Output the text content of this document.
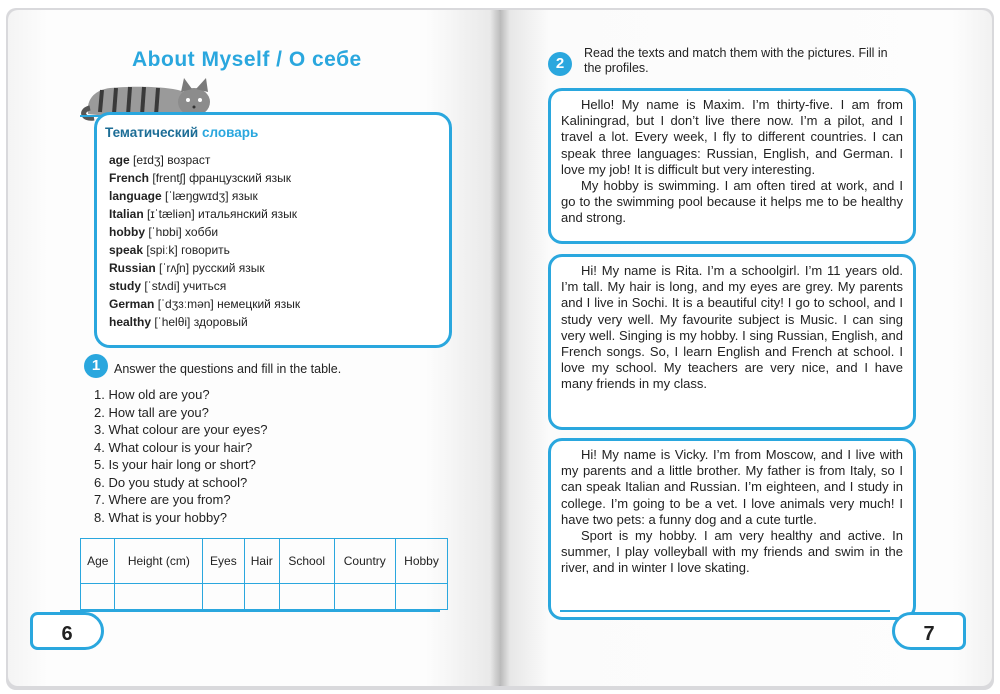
About Myself / О себе
Тематический словарь
age [eɪdʒ] возраст
French [frentʃ] французский язык
language [ˈlæŋɡwɪdʒ] язык
Italian [ɪˈtæliən] итальянский язык
hobby [ˈhɒbi] хобби
speak [spiːk] говорить
Russian [ˈrʌʃn] русский язык
study [ˈstʌdi] учиться
German [ˈdʒɜːmən] немецкий язык
healthy [ˈhelθi] здоровый
1	Answer the questions and fill in the table.
1. How old are you?
2. How tall are you?
3. What colour are your eyes?
4. What colour is your hair?
5. Is your hair long or short?
6. Do you study at school?
7. Where are you from?
8. What is your hobby?
Age	Height (cm)	Eyes	Hair	School	Country	Hobby

6
2
Read the texts and match them with the pictures. Fill in the profiles.

Hello! My name is Maxim. I’m thirty-five. I am from Kaliningrad, but I don’t live there now. I’m a pilot, and I travel a lot. Every week, I fly to different countries. I can speak three languages: Russian, English, and German. I love my job! It is difficult but very interesting.

My hobby is swimming. I am often tired at work, and I go to the swimming pool because it helps me to be healthy and strong.

Hi! My name is Rita. I’m a schoolgirl. I’m 11 years old. I’m tall. My hair is long, and my eyes are grey. My parents and I live in Sochi. It is a beautiful city! I go to school, and I study very well. My favourite subject is Music. I can sing very well. Singing is my hobby. I sing Russian, English, and French songs. So, I learn English and French at school. I love my school. My teachers are very nice, and I have many friends in my class.

Hi! My name is Vicky. I’m from Moscow, and I live with my parents and a little brother. My father is from Italy, so I can speak Italian and Russian. I’m eighteen, and I study in college. I’m going to be a vet. I love animals very much! I have two pets: a funny dog and a cute turtle.

Sport is my hobby. I am very healthy and active. In summer, I play volleyball with my friends and swim in the river, and in winter I love skating.

7
